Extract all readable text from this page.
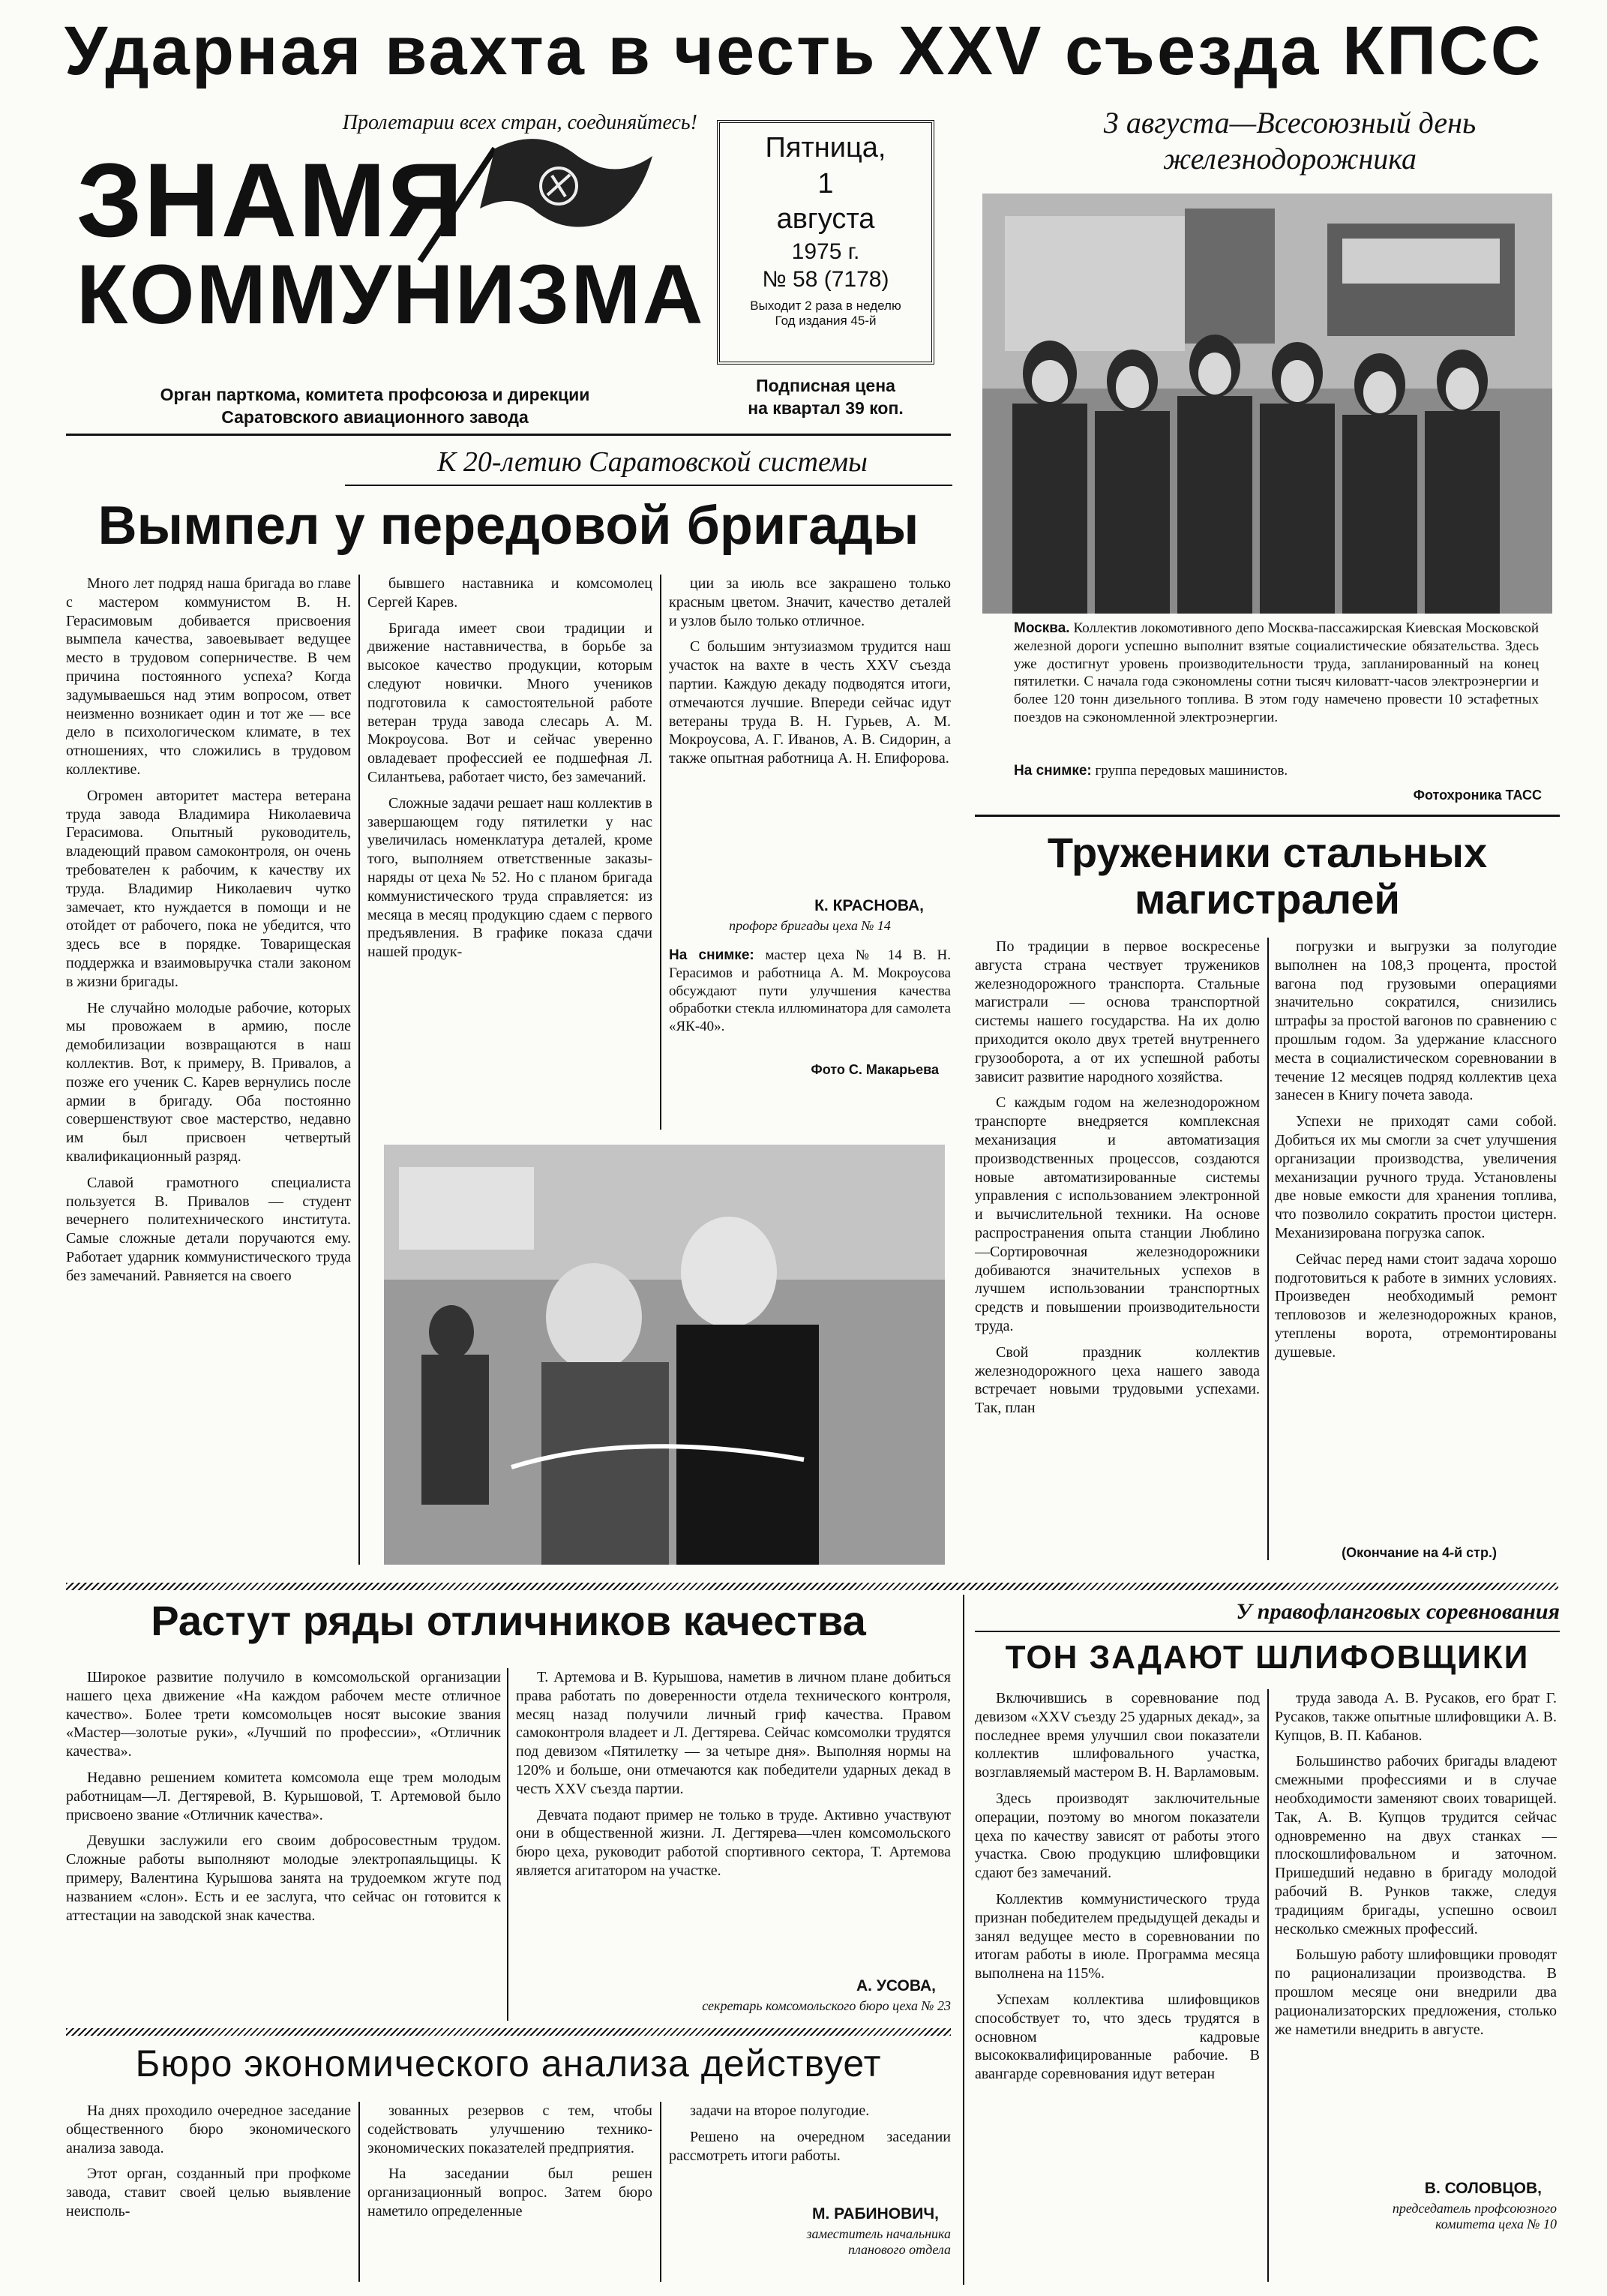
Ударная вахта в честь XXV съезда КПСС
Пролетарии всех стран, соединяйтесь!
ЗНАМЯ
КОММУНИЗМА
Орган парткома, комитета профсоюза и дирекции
Саратовского авиационного завода
Пятница,
1
августа
1975 г.
№ 58 (7178)
Выходит 2 раза в неделю
Год издания 45-й
Подписная цена
на квартал 39 коп.
3 августа—Всесоюзный день
железнодорожника
Москва. Коллектив локомотивного депо Москва-пассажирская Киевская Московской железной дороги успешно выполнит взятые социалистические обязательства. Здесь уже достигнут уровень производительности труда, запланированный на конец пятилетки. С начала года сэкономлены сотни тысяч киловатт-часов электроэнергии и более 120 тонн дизельного топлива. В этом году намечено провести 10 эстафетных поездов на сэкономленной электроэнергии.
На снимке: группа передовых машинистов.
Фотохроника ТАСС
К 20-летию Саратовской системы
Вымпел у передовой бригады

Много лет подряд наша бригада во главе с мастером коммунистом В. Н. Герасимовым добивается присвоения вымпела качества, завоевывает ведущее место в трудовом соперничестве. В чем причина постоянного успеха? Когда задумываешься над этим вопросом, ответ неизменно возникает один и тот же — все дело в психологическом климате, в тех отношениях, что сложились в трудовом коллективе.

Огромен авторитет мастера ветерана труда завода Владимира Николаевича Герасимова. Опытный руководитель, владеющий правом самоконтроля, он очень требователен к рабочим, к качеству их труда. Владимир Николаевич чутко замечает, кто нуждается в помощи и не отойдет от рабочего, пока не убедится, что здесь все в порядке. Товарищеская поддержка и взаимовыручка стали законом в жизни бригады.

Не случайно молодые рабочие, которых мы провожаем в армию, после демобилизации возвращаются в наш коллектив. Вот, к примеру, В. Привалов, а позже его ученик С. Карев вернулись после армии в бригаду. Оба постоянно совершенствуют свое мастерство, недавно им был присвоен четвертый квалификационный разряд.

Славой грамотного специалиста пользуется В. Привалов — студент вечернего политехнического института. Самые сложные детали поручаются ему. Работает ударник коммунистического труда без замечаний. Равняется на своего

бывшего наставника и комсомолец Сергей Карев.

Бригада имеет свои традиции и движение наставничества, в борьбе за высокое качество продукции, которым следуют новички. Много учеников подготовила к самостоятельной работе ветеран труда завода слесарь А. М. Мокроусова. Вот и сейчас уверенно овладевает профессией ее подшефная Л. Силантьева, работает чисто, без замечаний.

Сложные задачи решает наш коллектив в завершающем году пятилетки у нас увеличилась номенклатура деталей, кроме того, выполняем ответственные заказы-наряды от цеха № 52. Но с планом бригада коммунистического труда справляется: из месяца в месяц продукцию сдаем с первого предъявления. В графике показа сдачи нашей продук-

ции за июль все закрашено только красным цветом. Значит, качество деталей и узлов было только отличное.

С большим энтузиазмом трудится наш участок на вахте в честь XXV съезда партии. Каждую декаду подводятся итоги, отмечаются лучшие. Впереди сейчас идут ветераны труда В. Н. Гурьев, А. М. Мокроусова, А. Г. Иванов, А. В. Сидорин, а также опытная работница А. Н. Епифорова.

К. КРАСНОВА,
профорг бригады цеха № 14
На снимке: мастер цеха № 14 В. Н. Герасимов и работница А. М. Мокроусова обсуждают пути улучшения качества обработки стекла иллюминатора для самолета «ЯК-40».
Фото С. Макарьева
Труженики стальных
магистралей

По традиции в первое воскресенье августа страна чествует тружеников железнодорожного транспорта. Стальные магистрали — основа транспортной системы нашего государства. На их долю приходится около двух третей внутреннего грузооборота, а от их успешной работы зависит развитие народного хозяйства.

С каждым годом на железнодорожном транспорте внедряется комплексная механизация и автоматизация производственных процессов, создаются новые автоматизированные системы управления с использованием электронной и вычислительной техники. На основе распространения опыта станции Люблино—Сортировочная железнодорожники добиваются значительных успехов в лучшем использовании транспортных средств и повышении производительности труда.

Свой праздник коллектив железнодорожного цеха нашего завода встречает новыми трудовыми успехами. Так, план

погрузки и выгрузки за полугодие выполнен на 108,3 процента, простой вагона под грузовыми операциями значительно сократился, снизились штрафы за простой вагонов по сравнению с прошлым годом. За удержание классного места в социалистическом соревновании в течение 12 месяцев подряд коллектив цеха занесен в Книгу почета завода.

Успехи не приходят сами собой. Добиться их мы смогли за счет улучшения организации производства, увеличения механизации ручного труда. Установлены две новые емкости для хранения топлива, что позволило сократить простои цистерн. Механизирована погрузка сапок.

Сейчас перед нами стоит задача хорошо подготовиться к работе в зимних условиях. Произведен необходимый ремонт тепловозов и железнодорожных кранов, утеплены ворота, отремонтированы душевые.

(Окончание на 4-й стр.)
Растут ряды отличников качества

Широкое развитие получило в комсомольской организации нашего цеха движение «На каждом рабочем месте отличное качество». Более трети комсомольцев носят высокие звания «Мастер—золотые руки», «Лучший по профессии», «Отличник качества».

Недавно решением комитета комсомола еще трем молодым работницам—Л. Дегтяревой, В. Курышовой, Т. Артемовой было присвоено звание «Отличник качества».

Девушки заслужили его своим добросовестным трудом. Сложные работы выполняют молодые электропаяльщицы. К примеру, Валентина Курышова занята на трудоемком жгуте под названием «слон». Есть и ее заслуга, что сейчас он готовится к аттестации на заводской знак качества.

Т. Артемова и В. Курышова, наметив в личном плане добиться права работать по доверенности отдела технического контроля, месяц назад получили личный гриф качества. Правом самоконтроля владеет и Л. Дегтярева. Сейчас комсомолки трудятся под девизом «Пятилетку — за четыре дня». Выполняя нормы на 120% и больше, они отмечаются как победители ударных декад в честь XXV съезда партии.

Девчата подают пример не только в труде. Активно участвуют они в общественной жизни. Л. Дегтярева—член комсомольского бюро цеха, руководит работой спортивного сектора, Т. Артемова является агитатором на участке.

А. УСОВА,
секретарь комсомольского бюро цеха № 23
Бюро экономического анализа действует

На днях проходило очередное заседание общественного бюро экономического анализа завода.

Этот орган, созданный при профкоме завода, ставит своей целью выявление неисполь-

зованных резервов с тем, чтобы содействовать улучшению технико-экономических показателей предприятия.

На заседании был решен организационный вопрос. Затем бюро наметило определенные

задачи на второе полугодие.

Решено на очередном заседании рассмотреть итоги работы.

М. РАБИНОВИЧ,
заместитель начальника
планового отдела
У правофланговых соревнования
ТОН ЗАДАЮТ ШЛИФОВЩИКИ

Включившись в соревнование под девизом «XXV съезду 25 ударных декад», за последнее время улучшил свои показатели коллектив шлифовального участка, возглавляемый мастером В. Н. Варламовым.

Здесь производят заключительные операции, поэтому во многом показатели цеха по качеству зависят от работы этого участка. Свою продукцию шлифовщики сдают без замечаний.

Коллектив коммунистического труда признан победителем предыдущей декады и занял ведущее место в соревновании по итогам работы в июле. Программа месяца выполнена на 115%.

Успехам коллектива шлифовщиков способствует то, что здесь трудятся в основном кадровые высококвалифицированные рабочие. В авангарде соревнования идут ветеран

труда завода А. В. Русаков, его брат Г. Русаков, также опытные шлифовщики А. В. Купцов, В. П. Кабанов.

Большинство рабочих бригады владеют смежными профессиями и в случае необходимости заменяют своих товарищей. Так, А. В. Купцов трудится сейчас одновременно на двух станках — плоскошлифовальном и заточном. Пришедший недавно в бригаду молодой рабочий В. Рунков также, следуя традициям бригады, успешно освоил несколько смежных профессий.

Большую работу шлифовщики проводят по рационализации производства. В прошлом месяце они внедрили два рационализаторских предложения, столько же наметили внедрить в августе.

В. СОЛОВЦОВ,
председатель профсоюзного
комитета цеха № 10
